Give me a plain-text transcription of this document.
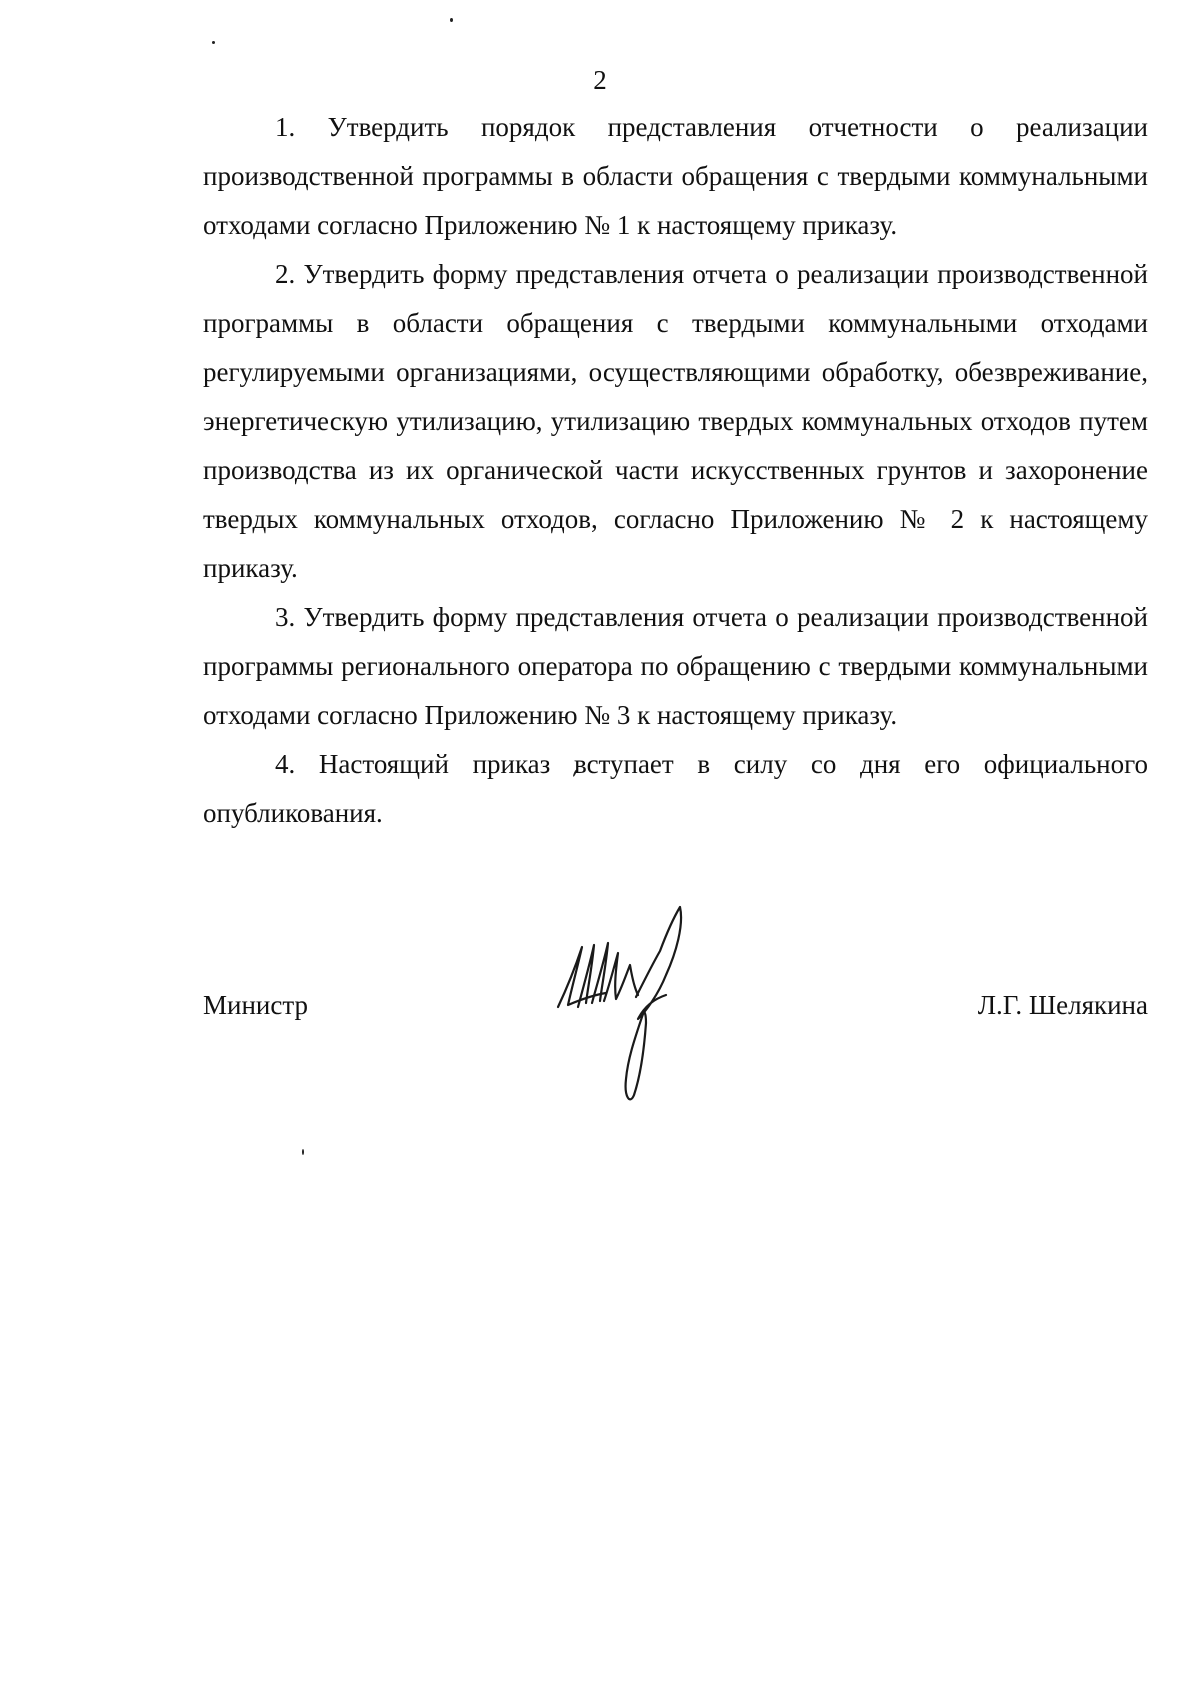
2

1. Утвердить порядок представления отчетности о реализации производственной программы в области обращения с твердыми коммунальными отходами согласно Приложению № 1 к настоящему приказу.

2. Утвердить форму представления отчета о реализации производственной программы в области обращения с твердыми коммунальными отходами регулируемыми организациями, осуществляющими обработку, обезвреживание, энергетическую утилизацию, утилизацию твердых коммунальных отходов путем производства из их органической части искусственных грунтов и захоронение твердых коммунальных отходов, согласно Приложению № 2 к настоящему приказу.

3. Утвердить форму представления отчета о реализации производственной программы регионального оператора по обращению с твердыми коммунальными отходами согласно Приложению № 3 к настоящему приказу.

4. Настоящий приказ вступает в силу со дня его официального опубликования.

Министр	Л.Г. Шелякина
